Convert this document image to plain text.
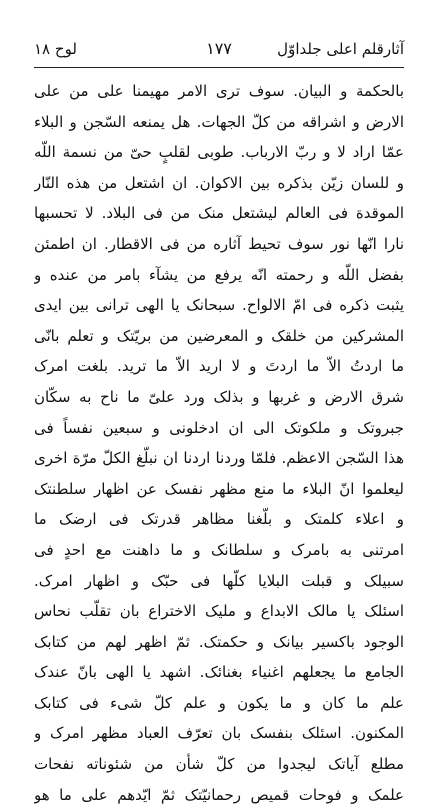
آثارقلم اعلی جلداوّل
۱۷۷
لوح ۱۸
بالحکمة و البیان. سوف تری الامر مهیمنا علی من علی
الارض و اشراقه من کلّ الجهات. هل یمنعه السّجن و البلاء
عمّا اراد لا و ربّ الارباب. طوبی لقلبٍ حیّ من نسمة اللّه
و للسان زیّن بذکره بین الاکوان. ان اشتعل من هذه النّار
الموقدة فی العالم لیشتعل منک من فی البلاد. لا تحسبها
نارا انّها نور سوف تحیط آثاره من فی الاقطار. ان اطمئن
بفضل اللّه و رحمته انّه یرفع من یشآء بامر من عنده و
یثبت ذکره فی امّ الالواح. سبحانک یا الهی ترانی بین ایدی
المشرکین من خلقک و المعرضین من بریّتک و تعلم بانّی
ما اردتُ الاّ ما اردتَ و لا ارید الاّ ما ترید. بلغت امرک
شرق الارض و غربها و بذلک ورد علیّ ما ناح به سکّان
جبروتک و ملکوتک الی ان ادخلونی و سبعین نفساً فی
هذا السّجن الاعظم. فلمّا وردنا اردنا ان نبلّغ الکلّ مرّة اخری
لیعلموا انّ البلاء ما منع مظهر نفسک عن اظهار سلطنتک
و اعلاء کلمتک و بلّغنا مظاهر قدرتک فی ارضک ما
امرتنی به بامرک و سلطانک و ما داهنت مع احدٍ فی
سبیلک و قبلت البلایا کلّها فی حبّک و اظهار امرک.
اسئلک یا مالک الابداع و ملیک الاختراع بان تقلّب نحاس
الوجود باکسیر بیانک و حکمتک. ثمّ اظهر لهم من کتابک
الجامع ما یجعلهم اغنیاء بغنائک. اشهد یا الهی بانّ عندک
علم ما کان و ما یکون و علم کلّ شیء فی کتابک
المکنون. اسئلک بنفسک بان تعرّف العباد مظهر امرک و
مطلع آیاتک لیجدوا من کلّ شأن من شئوناته نفحات
علمک و فوحات قمیص رحمانیّتک ثمّ ایّدهم علی ما هو
